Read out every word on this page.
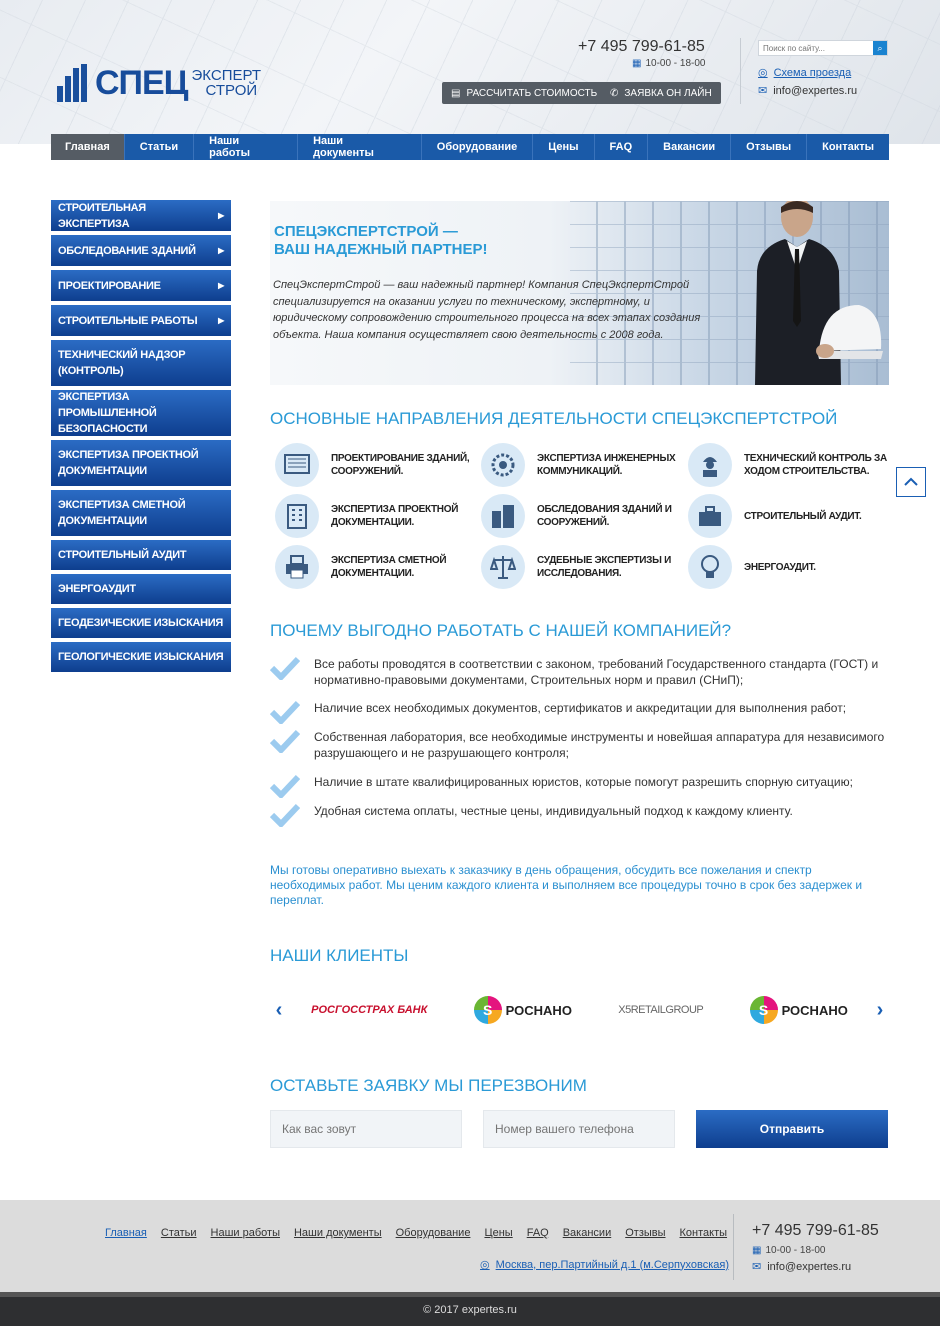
СПЕЦ ЭКСПЕРТ
СТРОЙ
+7 495 799-61-85
▦ 10-00 - 18-00
▤ РАССЧИТАТЬ СТОИМОСТЬ ✆ ЗАЯВКА ОН ЛАЙН
Поиск по сайту...
⌕
◎ Схема проезда
✉ info@expertes.ru
Главная	Статьи	Наши работы
Наши документы	Оборудование	Цены	FAQ	Вакансии	Отзывы	Контакты
СТРОИТЕЛЬНАЯ ЭКСПЕРТИЗА
▶
ОБСЛЕДОВАНИЕ ЗДАНИЙ	▶
ПРОЕКТИРОВАНИЕ	▶
СТРОИТЕЛЬНЫЕ РАБОТЫ	▶
ТЕХНИЧЕСКИЙ НАДЗОР (КОНТРОЛЬ)
ЭКСПЕРТИЗА ПРОМЫШЛЕННОЙ БЕЗОПАСНОСТИ
ЭКСПЕРТИЗА ПРОЕКТНОЙ ДОКУМЕНТАЦИИ
ЭКСПЕРТИЗА СМЕТНОЙ ДОКУМЕНТАЦИИ
СТРОИТЕЛЬНЫЙ АУДИТ
ЭНЕРГОАУДИТ
ГЕОДЕЗИЧЕСКИЕ ИЗЫСКАНИЯ
ГЕОЛОГИЧЕСКИЕ ИЗЫСКАНИЯ
СПЕЦЭКСПЕРТСТРОЙ —
ВАШ НАДЕЖНЫЙ ПАРТНЕР!
СпецЭкспертСтрой — ваш надежный партнер! Компания СпецЭкспертСтрой специализируется на оказании услуги по техническому, экспертному, и юридическому сопровождению строительного процесса на всех этапах создания объекта. Наша компания осуществляет свою деятельность с 2008 года.
ОСНОВНЫЕ НАПРАВЛЕНИЯ ДЕЯТЕЛЬНОСТИ СПЕЦЭКСПЕРТСТРОЙ
ПРОЕКТИРОВАНИЕ ЗДАНИЙ, СООРУЖЕНИЙ.
ЭКСПЕРТИЗА ИНЖЕНЕРНЫХ КОММУНИКАЦИЙ.
ТЕХНИЧЕСКИЙ КОНТРОЛЬ ЗА ХОДОМ СТРОИТЕЛЬСТВА.
ЭКСПЕРТИЗА ПРОЕКТНОЙ ДОКУМЕНТАЦИИ.
ОБСЛЕДОВАНИЯ ЗДАНИЙ И СООРУЖЕНИЙ.
СТРОИТЕЛЬНЫЙ АУДИТ.
ЭКСПЕРТИЗА СМЕТНОЙ ДОКУМЕНТАЦИИ.
СУДЕБНЫЕ ЭКСПЕРТИЗЫ И ИССЛЕДОВАНИЯ.
ЭНЕРГОАУДИТ.
ПОЧЕМУ ВЫГОДНО РАБОТАТЬ С НАШЕЙ КОМПАНИЕЙ?
Все работы проводятся в соответствии с законом, требований Государственного стандарта (ГОСТ) и нормативно-правовыми документами, Строительных норм и правил (СНиП);
Наличие всех необходимых документов, сертификатов и аккредитации для выполнения работ;
Собственная лаборатория, все необходимые инструменты и новейшая аппаратура для независимого разрушающего и не разрушающего контроля;
Наличие в штате квалифицированных юристов, которые помогут разрешить спорную ситуацию;
Удобная система оплаты, честные цены, индивидуальный подход к каждому клиенту.
Мы готовы оперативно выехать к заказчику в день обращения, обсудить все пожелания и спектр необходимых работ. Мы ценим каждого клиента и выполняем все процедуры точно в срок без задержек и переплат.
НАШИ КЛИЕНТЫ
‹	РОСГОССТРАХ БАНК	S	РОСНАНО	X5RETAILGROUP	S	РОСНАНО ›
ОСТАВЬТЕ ЗАЯВКУ МЫ ПЕРЕЗВОНИМ
Как вас зовут
Номер вашего телефона
Отправить
Главная Статьи Наши работы Наши документы Оборудование Цены FAQ Вакансии Отзывы Контакты
◎ Москва, пер.Партийный д.1 (м.Серпуховская)
+7 495 799-61-85
▦ 10-00 - 18-00
✉ info@expertes.ru
© 2017 expertes.ru
